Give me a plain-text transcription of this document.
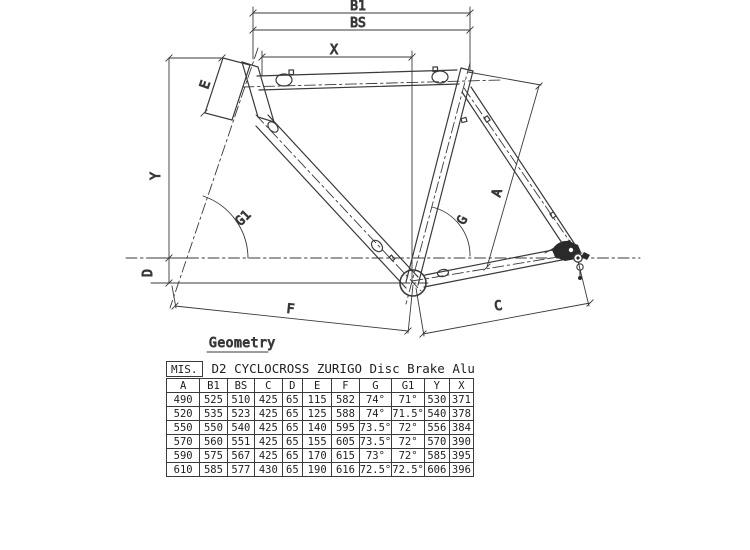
B1
BS
X
E
Y
D
G1
F
A
G
C
Geometry
MIS.	D2 CYCLOCROSS ZURIGO Disc Brake Alu
A	B1	BS	C	D	E	F	G	G1	Y	X
490	525	510	425	65	115	582	74°	71°	530	371
520	535	523	425	65	125	588	74°	71.5°	540	378
550	550	540	425	65	140	595	73.5°	72°	556	384
570	560	551	425	65	155	605	73.5°	72°	570	390
590	575	567	425	65	170	615	73°	72°	585	395
610	585	577	430	65	190	616	72.5°	72.5°	606	396
